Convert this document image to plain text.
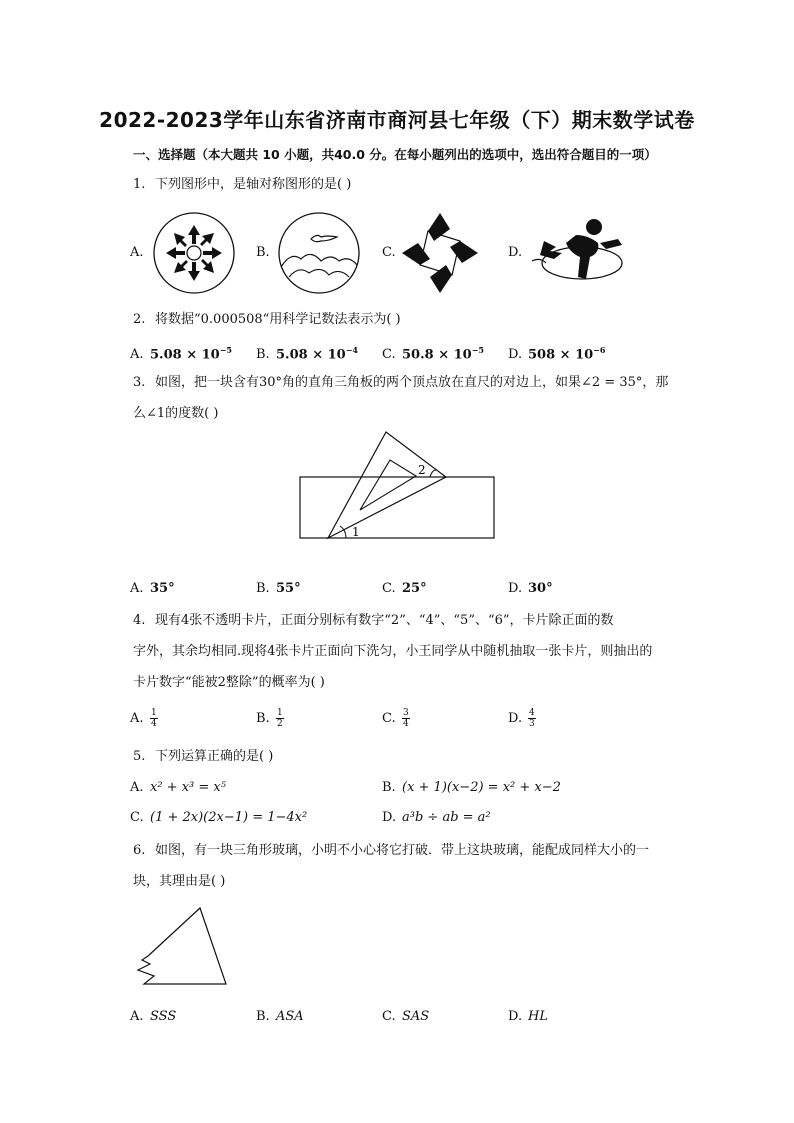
2022-2023学年山东省济南市商河县七年级（下）期末数学试卷
一、选择题（本大题共 10 小题，共40.0 分。在每小题列出的选项中，选出符合题目的一项）
1. 下列图形中，是轴对称图形的是( )
A.	B.	C.	D.
2. 将数据“0.000508“用科学记数法表示为( )
A. $5.08 \times 10^{-5}$ B. $5.08 \times 10^{-4}$ C. $50.8 \times 10^{-5}$ D. $508 \times 10^{-6}$
3. 如图，把一块含有30°角的直角三角板的两个顶点放在直尺的对边上，如果∠2 = 35°，那
么∠1的度数( )
1
2
A. 35°	B. 55°	C. 25°	D. 30°
4. 现有4张不透明卡片，正面分别标有数字“2”、“4”、“5”、“6”，卡片除正面的数
字外，其余均相同.现将4张卡片正面向下洗匀，小王同学从中随机抽取一张卡片，则抽出的
卡片数字“能被2整除”的概率为( )
A. $\frac{1}{4}$	B. $\frac{1}{2}$	C. $\frac{3}{4}$	D. $\frac{4}{3}$
5. 下列运算正确的是( )
A. x² + x³ = x⁵	B. (x + 1)(x−2) = x² + x−2
C. (1 + 2x)(2x−1) = 1−4x²	D. a³b ÷ ab = a²
6. 如图，有一块三角形玻璃，小明不小心将它打破．带上这块玻璃，能配成同样大小的一
块，其理由是( )
A. SSS	B. ASA	C. SAS	D. HL
